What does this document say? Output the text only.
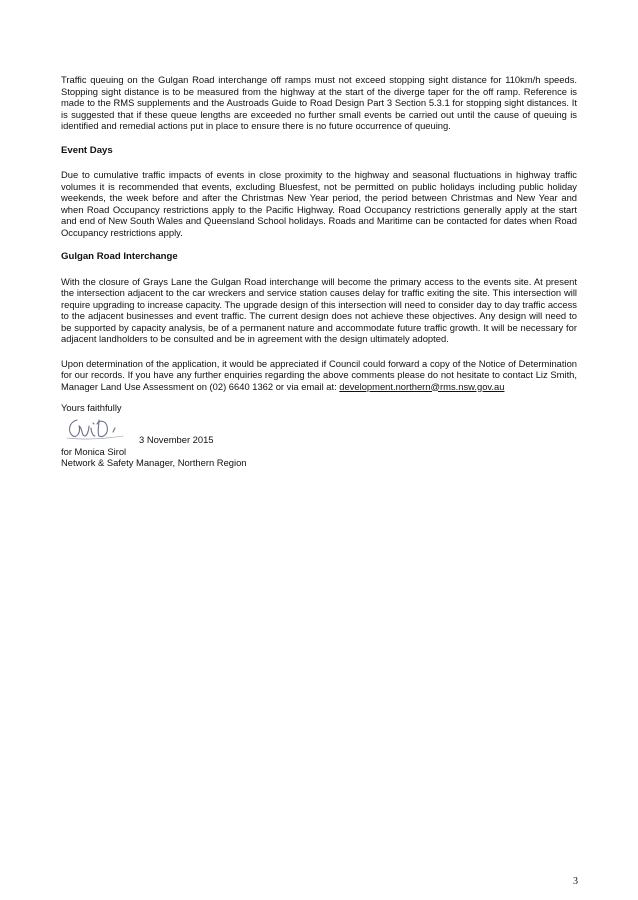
Traffic queuing on the Gulgan Road interchange off ramps must not exceed stopping sight distance for 110km/h speeds. Stopping sight distance is to be measured from the highway at the start of the diverge taper for the off ramp. Reference is made to the RMS supplements and the Austroads Guide to Road Design Part 3 Section 5.3.1 for stopping sight distances. It is suggested that if these queue lengths are exceeded no further small events be carried out until the cause of queuing is identified and remedial actions put in place to ensure there is no future occurrence of queuing.

Event Days

Due to cumulative traffic impacts of events in close proximity to the highway and seasonal fluctuations in highway traffic volumes it is recommended that events, excluding Bluesfest, not be permitted on public holidays including public holiday weekends, the week before and after the Christmas New Year period, the period between Christmas and New Year and when Road Occupancy restrictions apply to the Pacific Highway. Road Occupancy restrictions generally apply at the start and end of New South Wales and Queensland School holidays. Roads and Maritime can be contacted for dates when Road Occupancy restrictions apply.

Gulgan Road Interchange

With the closure of Grays Lane the Gulgan Road interchange will become the primary access to the events site. At present the intersection adjacent to the car wreckers and service station causes delay for traffic exiting the site. This intersection will require upgrading to increase capacity. The upgrade design of this intersection will need to consider day to day traffic access to the adjacent businesses and event traffic. The current design does not achieve these objectives. Any design will need to be supported by capacity analysis, be of a permanent nature and accommodate future traffic growth. It will be necessary for adjacent landholders to be consulted and be in agreement with the design ultimately adopted.

Upon determination of the application, it would be appreciated if Council could forward a copy of the Notice of Determination for our records. If you have any further enquiries regarding the above comments please do not hesitate to contact Liz Smith, Manager Land Use Assessment on (02) 6640 1362 or via email at: development.northern@rms.nsw.gov.au

Yours faithfully

3 November 2015

for Monica Sirol

Network & Safety Manager, Northern Region

3
